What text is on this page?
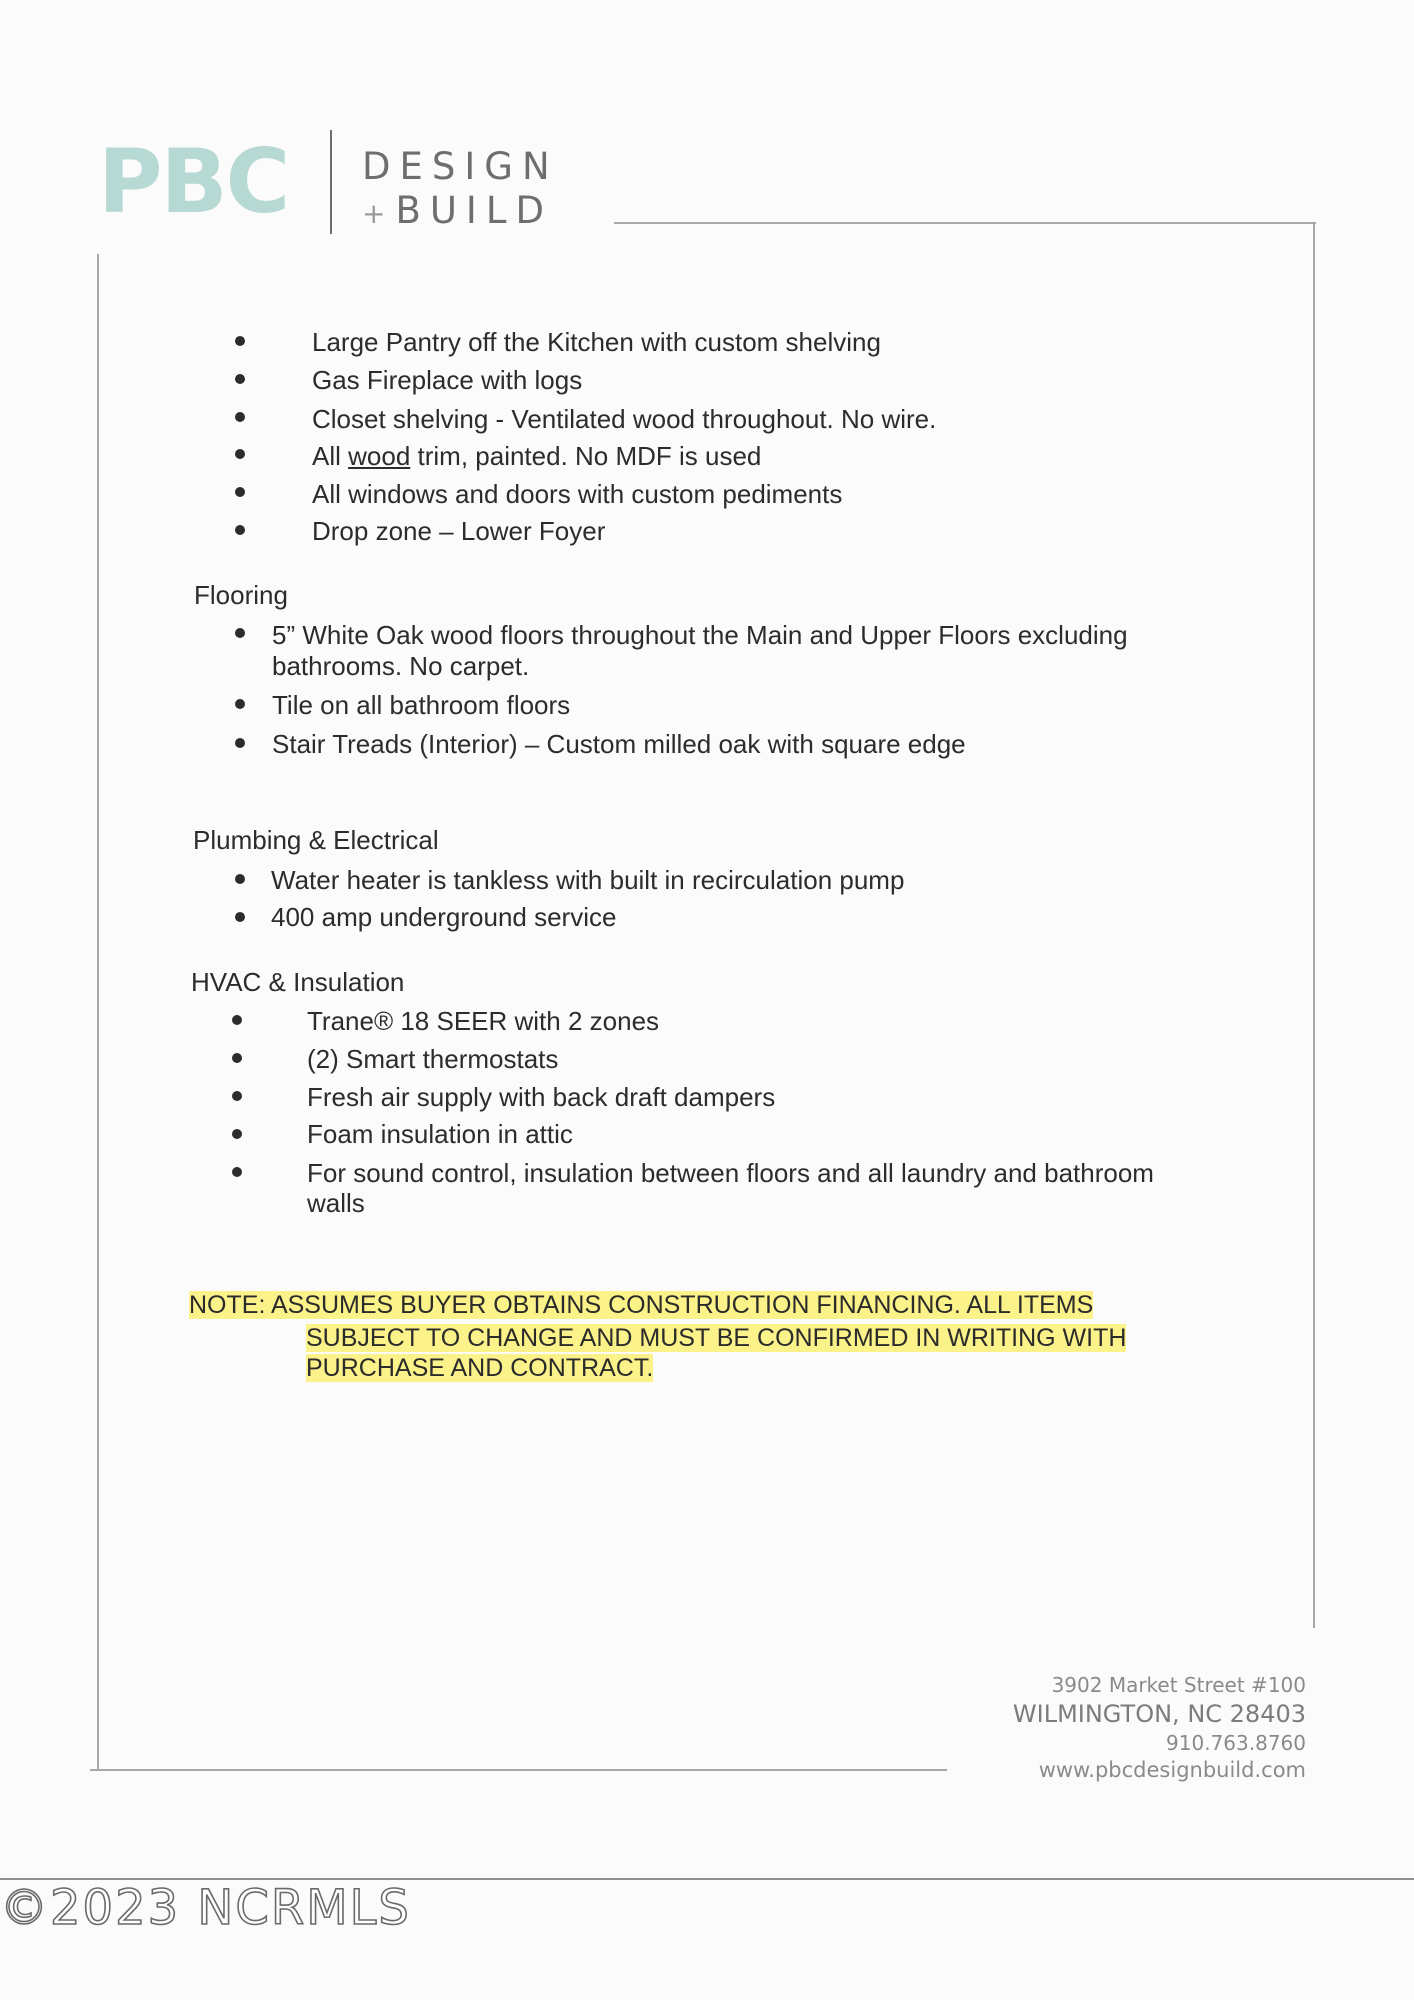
PBC DESIGN
+ BUILD
Large Pantry off the Kitchen with custom shelving
Gas Fireplace with logs
Closet shelving - Ventilated wood throughout. No wire.
All wood trim, painted. No MDF is used
All windows and doors with custom pediments
Drop zone – Lower Foyer
Flooring
5” White Oak wood floors throughout the Main and Upper Floors excluding
bathrooms. No carpet.
Tile on all bathroom floors
Stair Treads (Interior) – Custom milled oak with square edge
Plumbing & Electrical
Water heater is tankless with built in recirculation pump
400 amp underground service
HVAC & Insulation
Trane® 18 SEER with 2 zones
(2) Smart thermostats
Fresh air supply with back draft dampers
Foam insulation in attic
For sound control, insulation between floors and all laundry and bathroom
walls
NOTE: ASSUMES BUYER OBTAINS CONSTRUCTION FINANCING. ALL ITEMS
SUBJECT TO CHANGE AND MUST BE CONFIRMED IN WRITING WITH
PURCHASE AND CONTRACT.
3902 Market Street #100
WILMINGTON, NC 28403
910.763.8760
www.pbcdesignbuild.com
©2023 NCRMLS
